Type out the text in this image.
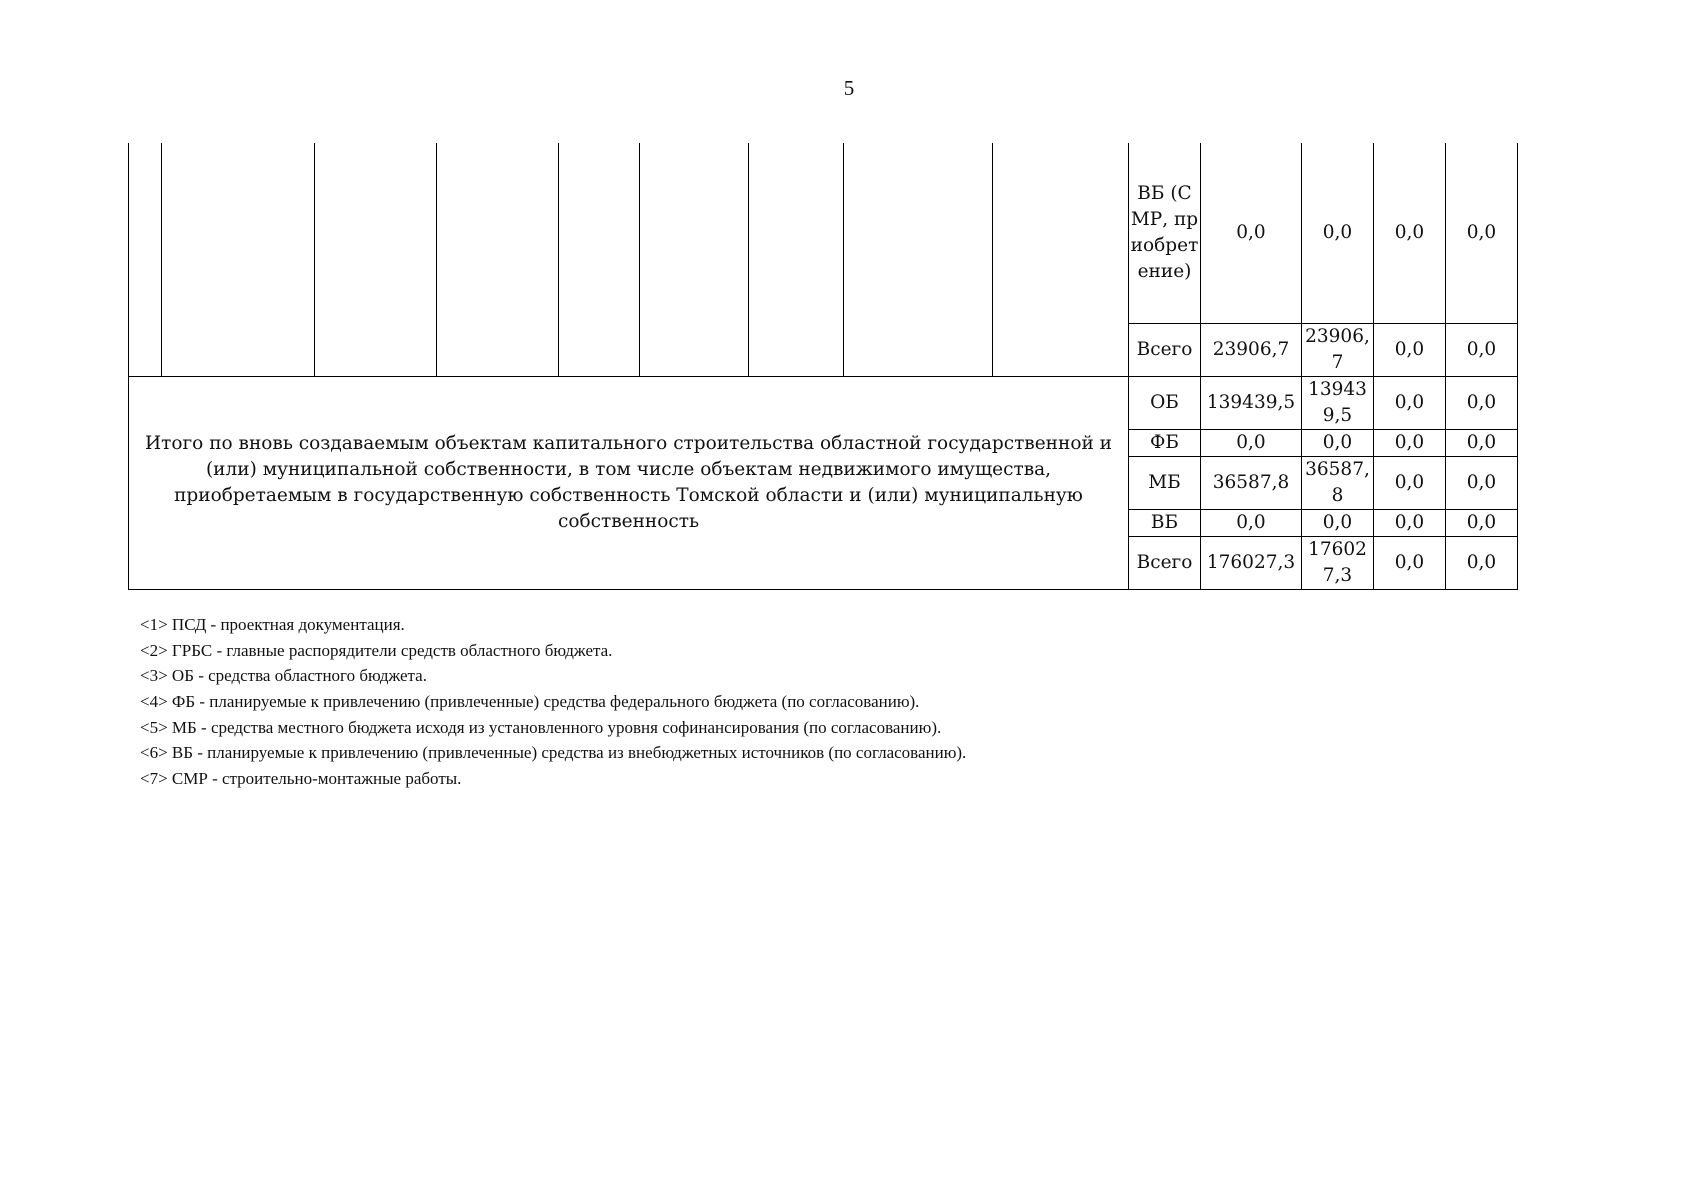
5
									ВБ (СМР, приобретение)	0,0	0,0	0,0	0,0
									Всего	23906,7	23906,7	0,0	0,0
Итого по вновь создаваемым объектам капитального строительства областной государственной и (или) муниципальной собственности, в том числе объектам недвижимого имущества, приобретаемым в государственную собственность Томской области и (или) муниципальную собственность									ОБ	139439,5	139439,5	0,0	0,0
									ФБ	0,0	0,0	0,0	0,0
									МБ	36587,8	36587,8	0,0	0,0
									ВБ	0,0	0,0	0,0	0,0
									Всего	176027,3	176027,3	0,0	0,0
<1> ПСД - проектная документация.
<2> ГРБС - главные распорядители средств областного бюджета.
<3> ОБ - средства областного бюджета.
<4> ФБ - планируемые к привлечению (привлеченные) средства федерального бюджета (по согласованию).
<5> МБ - средства местного бюджета исходя из установленного уровня софинансирования (по согласованию).
<6> ВБ - планируемые к привлечению (привлеченные) средства из внебюджетных источников (по согласованию).
<7> СМР - строительно-монтажные работы.
